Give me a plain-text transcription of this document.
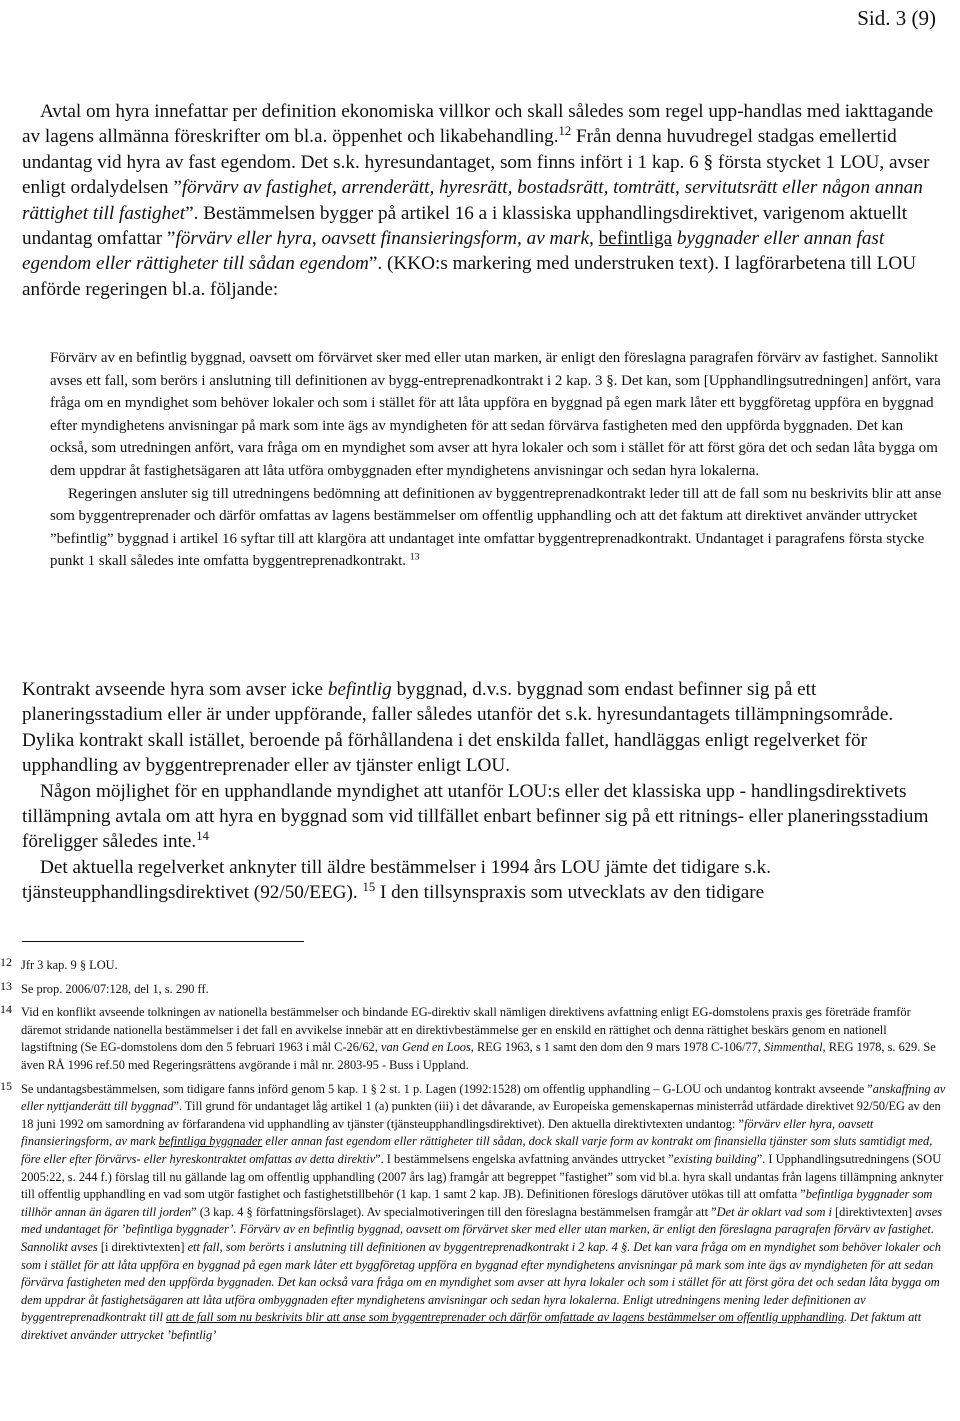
Sid. 3 (9)

Avtal om hyra innefattar per definition ekonomiska villkor och skall således som regel upp-handlas med iakttagande av lagens allmänna föreskrifter om bl.a. öppenhet och likabehandling.$^{12}$ Från denna huvudregel stadgas emellertid undantag vid hyra av fast egendom. Det s.k. hyresundantaget, som finns infört i 1 kap. 6 § första stycket 1 LOU, avser enligt ordalydelsen ”förvärv av fastighet, arrenderätt, hyresrätt, bostadsrätt, tomträtt, servitutsrätt eller någon annan rättighet till fastighet”. Bestämmelsen bygger på artikel 16 a i klassiska upphandlingsdirektivet, varigenom aktuellt undantag omfattar ”förvärv eller hyra, oavsett finansieringsform, av mark, befintliga byggnader eller annan fast egendom eller rättigheter till sådan egendom”. (KKO:s markering med understruken text). I lagförarbetena till LOU anförde regeringen bl.a. följande:

Förvärv av en befintlig byggnad, oavsett om förvärvet sker med eller utan marken, är enligt den föreslagna paragrafen förvärv av fastighet. Sannolikt avses ett fall, som berörs i anslutning till definitionen av bygg-entreprenadkontrakt i 2 kap. 3 §. Det kan, som [Upphandlingsutredningen] anfört, vara fråga om en myndighet som behöver lokaler och som i stället för att låta uppföra en byggnad på egen mark låter ett byggföretag uppföra en byggnad efter myndighetens anvisningar på mark som inte ägs av myndigheten för att sedan förvärva fastigheten med den uppförda byggnaden. Det kan också, som utredningen anfört, vara fråga om en myndighet som avser att hyra lokaler och som i stället för att först göra det och sedan låta bygga om dem uppdrar åt fastighetsägaren att låta utföra ombyggnaden efter myndighetens anvisningar och sedan hyra lokalerna.

Regeringen ansluter sig till utredningens bedömning att definitionen av byggentreprenadkontrakt leder till att de fall som nu beskrivits blir att anse som byggentreprenader och därför omfattas av lagens bestämmelser om offentlig upphandling och att det faktum att direktivet använder uttrycket ”befintlig” byggnad i artikel 16 syftar till att klargöra att undantaget inte omfattar byggentreprenadkontrakt. Undantaget i paragrafens första stycke punkt 1 skall således inte omfatta byggentreprenadkontrakt. $^{13}$

Kontrakt avseende hyra som avser icke befintlig byggnad, d.v.s. byggnad som endast befinner sig på ett planeringsstadium eller är under uppförande, faller således utanför det s.k. hyresundantagets tillämpningsområde. Dylika kontrakt skall istället, beroende på förhållandena i det enskilda fallet, handläggas enligt regelverket för upphandling av byggentreprenader eller av tjänster enligt LOU.

Någon möjlighet för en upphandlande myndighet att utanför LOU:s eller det klassiska upp - handlingsdirektivets tillämpning avtala om att hyra en byggnad som vid tillfället enbart befinner sig på ett ritnings- eller planeringsstadium föreligger således inte.$^{14}$

Det aktuella regelverket anknyter till äldre bestämmelser i 1994 års LOU jämte det tidigare s.k. tjänsteupphandlingsdirektivet (92/50/EEG). $^{15}$ I den tillsynspraxis som utvecklats av den tidigare

12 Jfr 3 kap. 9 § LOU.
13 Se prop. 2006/07:128, del 1, s. 290 ff.
14 Vid en konflikt avseende tolkningen av nationella bestämmelser och bindande EG-direktiv skall nämligen direktivens avfattning enligt EG-domstolens praxis ges företräde framför däremot stridande nationella bestämmelser i det fall en avvikelse innebär att en direktivbestämmelse ger en enskild en rättighet och denna rättighet beskärs genom en nationell lagstiftning (Se EG-domstolens dom den 5 februari 1963 i mål C-26/62, van Gend en Loos, REG 1963, s 1 samt den dom den 9 mars 1978 C-106/77, Simmenthal, REG 1978, s. 629. Se även RÅ 1996 ref.50 med Regeringsrättens avgörande i mål nr. 2803-95 - Buss i Uppland.
15 Se undantagsbestämmelsen, som tidigare fanns införd genom 5 kap. 1 § 2 st. 1 p. Lagen (1992:1528) om offentlig upphandling – G-LOU och undantog kontrakt avseende ”anskaffning av eller nyttjanderätt till byggnad”. Till grund för undantaget låg artikel 1 (a) punkten (iii) i det dåvarande, av Europeiska gemenskapernas ministerråd utfärdade direktivet 92/50/EG av den 18 juni 1992 om samordning av förfarandena vid upphandling av tjänster (tjänsteupphandlingsdirektivet). Den aktuella direktivtexten undantog: ”förvärv eller hyra, oavsett finansieringsform, av mark befintliga byggnader eller annan fast egendom eller rättigheter till sådan, dock skall varje form av kontrakt om finansiella tjänster som sluts samtidigt med, före eller efter förvärvs- eller hyreskontraktet omfattas av detta direktiv”. I bestämmelsens engelska avfattning användes uttrycket ”existing building”. I Upphandlingsutredningens (SOU 2005:22, s. 244 f.) förslag till nu gällande lag om offentlig upphandling (2007 års lag) framgår att begreppet ”fastighet” som vid bl.a. hyra skall undantas från lagens tillämpning anknyter till offentlig upphandling en vad som utgör fastighet och fastighetstillbehör (1 kap. 1 samt 2 kap. JB). Definitionen föreslogs därutöver utökas till att omfatta ”befintliga byggnader som tillhör annan än ägaren till jorden” (3 kap. 4 § författningsförslaget). Av specialmotiveringen till den föreslagna bestämmelsen framgår att ”Det är oklart vad som i [direktivtexten] avses med undantaget för ’befintliga byggnader’. Förvärv av en befintlig byggnad, oavsett om förvärvet sker med eller utan marken, är enligt den föreslagna paragrafen förvärv av fastighet. Sannolikt avses [i direktivtexten] ett fall, som berörts i anslutning till definitionen av byggentreprenadkontrakt i 2 kap. 4 §. Det kan vara fråga om en myndighet som behöver lokaler och som i stället för att låta uppföra en byggnad på egen mark låter ett byggföretag uppföra en byggnad efter myndighetens anvisningar på mark som inte ägs av myndigheten för att sedan förvärva fastigheten med den uppförda byggnaden. Det kan också vara fråga om en myndighet som avser att hyra lokaler och som i stället för att först göra det och sedan låta bygga om dem uppdrar åt fastighetsägaren att låta utföra ombyggnaden efter myndighetens anvisningar och sedan hyra lokalerna. Enligt utredningens mening leder definitionen av byggentreprenadkontrakt till att de fall som nu beskrivits blir att anse som byggentreprenader och därför omfattade av lagens bestämmelser om offentlig upphandling. Det faktum att direktivet använder uttrycket ’befintlig’
